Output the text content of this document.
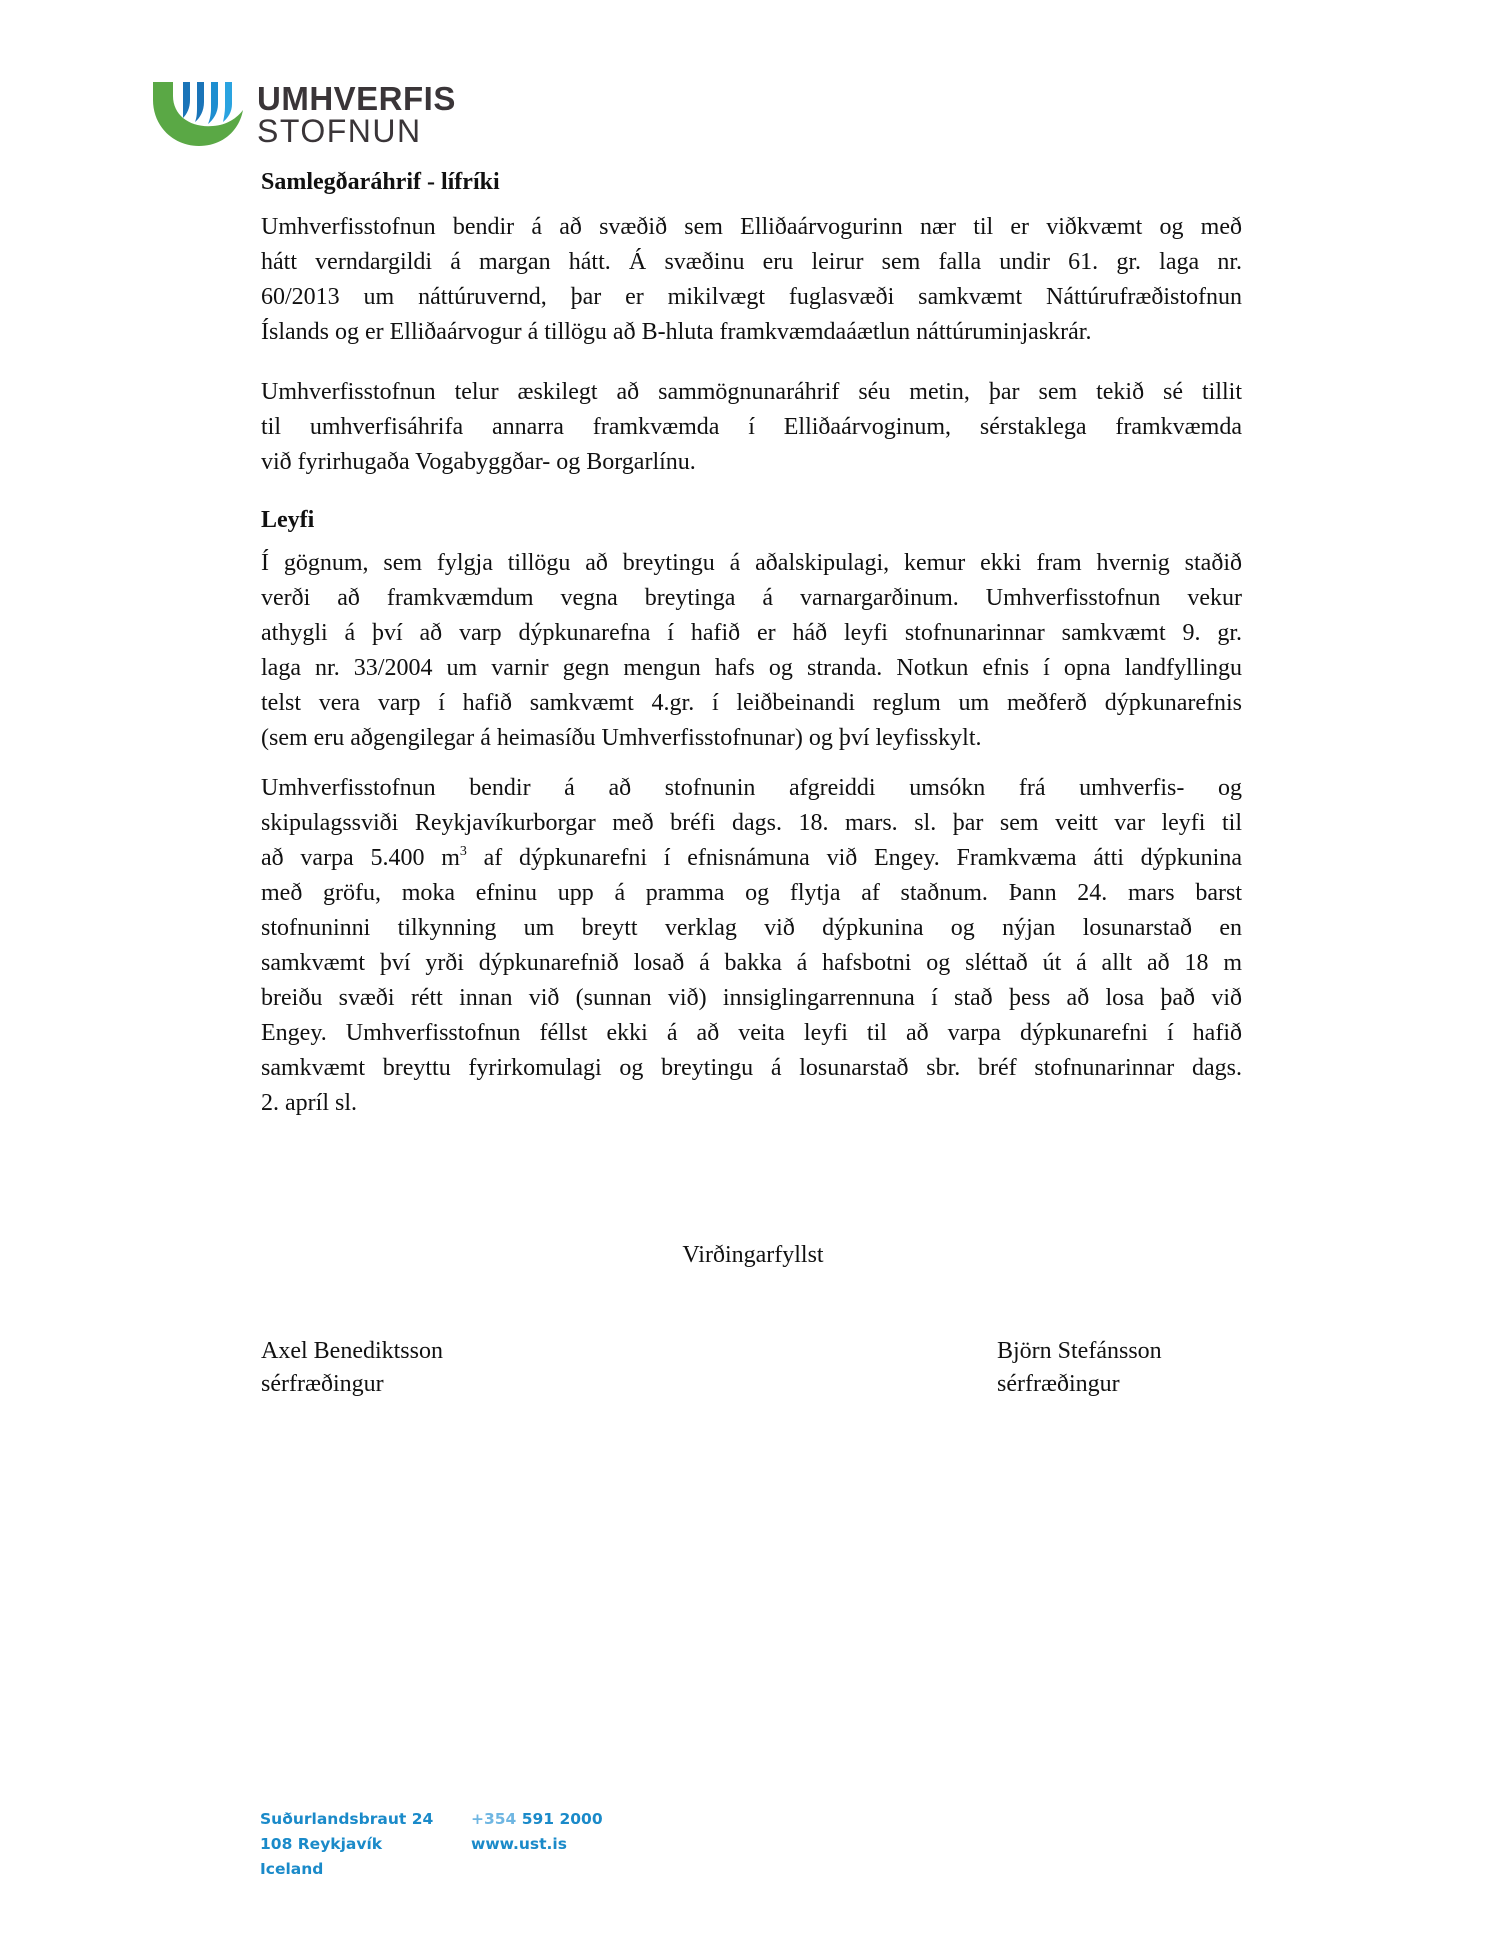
UMHVERFIS
STOFNUN
Samlegðaráhrif - lífríki
Umhverfisstofnun bendir á að svæðið sem Elliðaárvogurinn nær til er viðkvæmt og með
hátt verndargildi á margan hátt. Á svæðinu eru leirur sem falla undir 61. gr. laga nr.
60/2013 um náttúruvernd, þar er mikilvægt fuglasvæði samkvæmt Náttúrufræðistofnun
Íslands og er Elliðaárvogur á tillögu að B-hluta framkvæmdaáætlun náttúruminjaskrár.
Umhverfisstofnun telur æskilegt að sammögnunaráhrif séu metin, þar sem tekið sé tillit
til umhverfisáhrifa annarra framkvæmda í Elliðaárvoginum, sérstaklega framkvæmda
við fyrirhugaða Vogabyggðar- og Borgarlínu.
Leyfi
Í gögnum, sem fylgja tillögu að breytingu á aðalskipulagi, kemur ekki fram hvernig staðið
verði að framkvæmdum vegna breytinga á varnargarðinum. Umhverfisstofnun vekur
athygli á því að varp dýpkunarefna í hafið er háð leyfi stofnunarinnar samkvæmt 9. gr.
laga nr. 33/2004 um varnir gegn mengun hafs og stranda. Notkun efnis í opna landfyllingu
telst vera varp í hafið samkvæmt 4.gr. í leiðbeinandi reglum um meðferð dýpkunarefnis
(sem eru aðgengilegar á heimasíðu Umhverfisstofnunar) og því leyfisskylt.
Umhverfisstofnun bendir á að stofnunin afgreiddi umsókn frá umhverfis- og
skipulagssviði Reykjavíkurborgar með bréfi dags. 18. mars. sl. þar sem veitt var leyfi til
að varpa 5.400 $m^3$ af dýpkunarefni í efnisnámuna við Engey. Framkvæma átti dýpkunina
með gröfu, moka efninu upp á pramma og flytja af staðnum. Þann 24. mars barst
stofnuninni tilkynning um breytt verklag við dýpkunina og nýjan losunarstað en
samkvæmt því yrði dýpkunarefnið losað á bakka á hafsbotni og sléttað út á allt að 18 m
breiðu svæði rétt innan við (sunnan við) innsiglingarrennuna í stað þess að losa það við
Engey. Umhverfisstofnun féllst ekki á að veita leyfi til að varpa dýpkunarefni í hafið
samkvæmt breyttu fyrirkomulagi og breytingu á losunarstað sbr. bréf stofnunarinnar dags.
2. apríl sl.
Virðingarfyllst
Axel Benediktsson
sérfræðingur
Björn Stefánsson
sérfræðingur
Suðurlandsbraut 24
108 Reykjavík
Iceland
+354 591 2000
www.ust.is
